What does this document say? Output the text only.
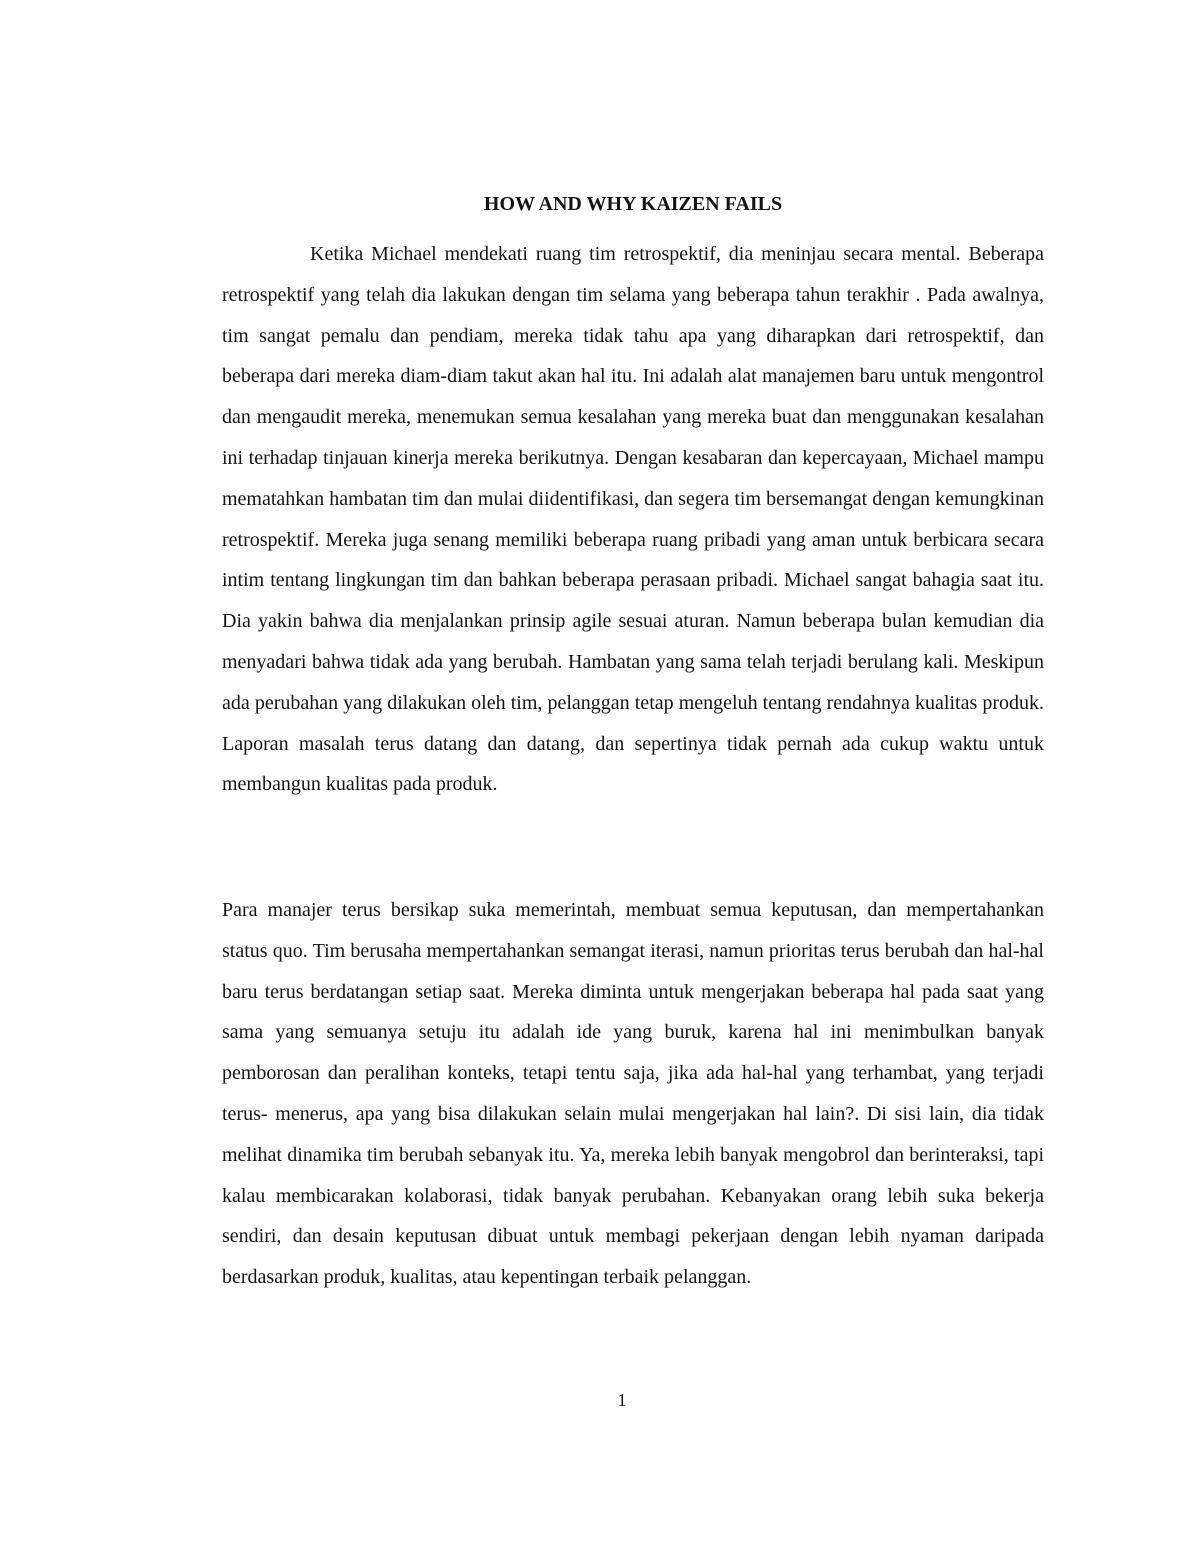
HOW AND WHY KAIZEN FAILS

Ketika Michael mendekati ruang tim retrospektif, dia meninjau secara mental. Beberapa retrospektif yang telah dia lakukan dengan tim selama yang beberapa tahun terakhir . Pada awalnya, tim sangat pemalu dan pendiam, mereka tidak tahu apa yang diharapkan dari retrospektif, dan beberapa dari mereka diam-diam takut akan hal itu. Ini adalah alat manajemen baru untuk mengontrol dan mengaudit mereka, menemukan semua kesalahan yang mereka buat dan menggunakan kesalahan ini terhadap tinjauan kinerja mereka berikutnya. Dengan kesabaran dan kepercayaan, Michael mampu mematahkan hambatan tim dan mulai diidentifikasi, dan segera tim bersemangat dengan kemungkinan retrospektif. Mereka juga senang memiliki beberapa ruang pribadi yang aman untuk berbicara secara intim tentang lingkungan tim dan bahkan beberapa perasaan pribadi. Michael sangat bahagia saat itu. Dia yakin bahwa dia menjalankan prinsip agile sesuai aturan. Namun beberapa bulan kemudian dia menyadari bahwa tidak ada yang berubah. Hambatan yang sama telah terjadi berulang kali. Meskipun ada perubahan yang dilakukan oleh tim, pelanggan tetap mengeluh tentang rendahnya kualitas produk. Laporan masalah terus datang dan datang, dan sepertinya tidak pernah ada cukup waktu untuk membangun kualitas pada produk.

Para manajer terus bersikap suka memerintah, membuat semua keputusan, dan mempertahankan status quo. Tim berusaha mempertahankan semangat iterasi, namun prioritas terus berubah dan hal-hal baru terus berdatangan setiap saat. Mereka diminta untuk mengerjakan beberapa hal pada saat yang sama yang semuanya setuju itu adalah ide yang buruk, karena hal ini menimbulkan banyak pemborosan dan peralihan konteks, tetapi tentu saja, jika ada hal-hal yang terhambat, yang terjadi terus- menerus, apa yang bisa dilakukan selain mulai mengerjakan hal lain?. Di sisi lain, dia tidak melihat dinamika tim berubah sebanyak itu. Ya, mereka lebih banyak mengobrol dan berinteraksi, tapi kalau membicarakan kolaborasi, tidak banyak perubahan. Kebanyakan orang lebih suka bekerja sendiri, dan desain keputusan dibuat untuk membagi pekerjaan dengan lebih nyaman daripada berdasarkan produk, kualitas, atau kepentingan terbaik pelanggan.

1
